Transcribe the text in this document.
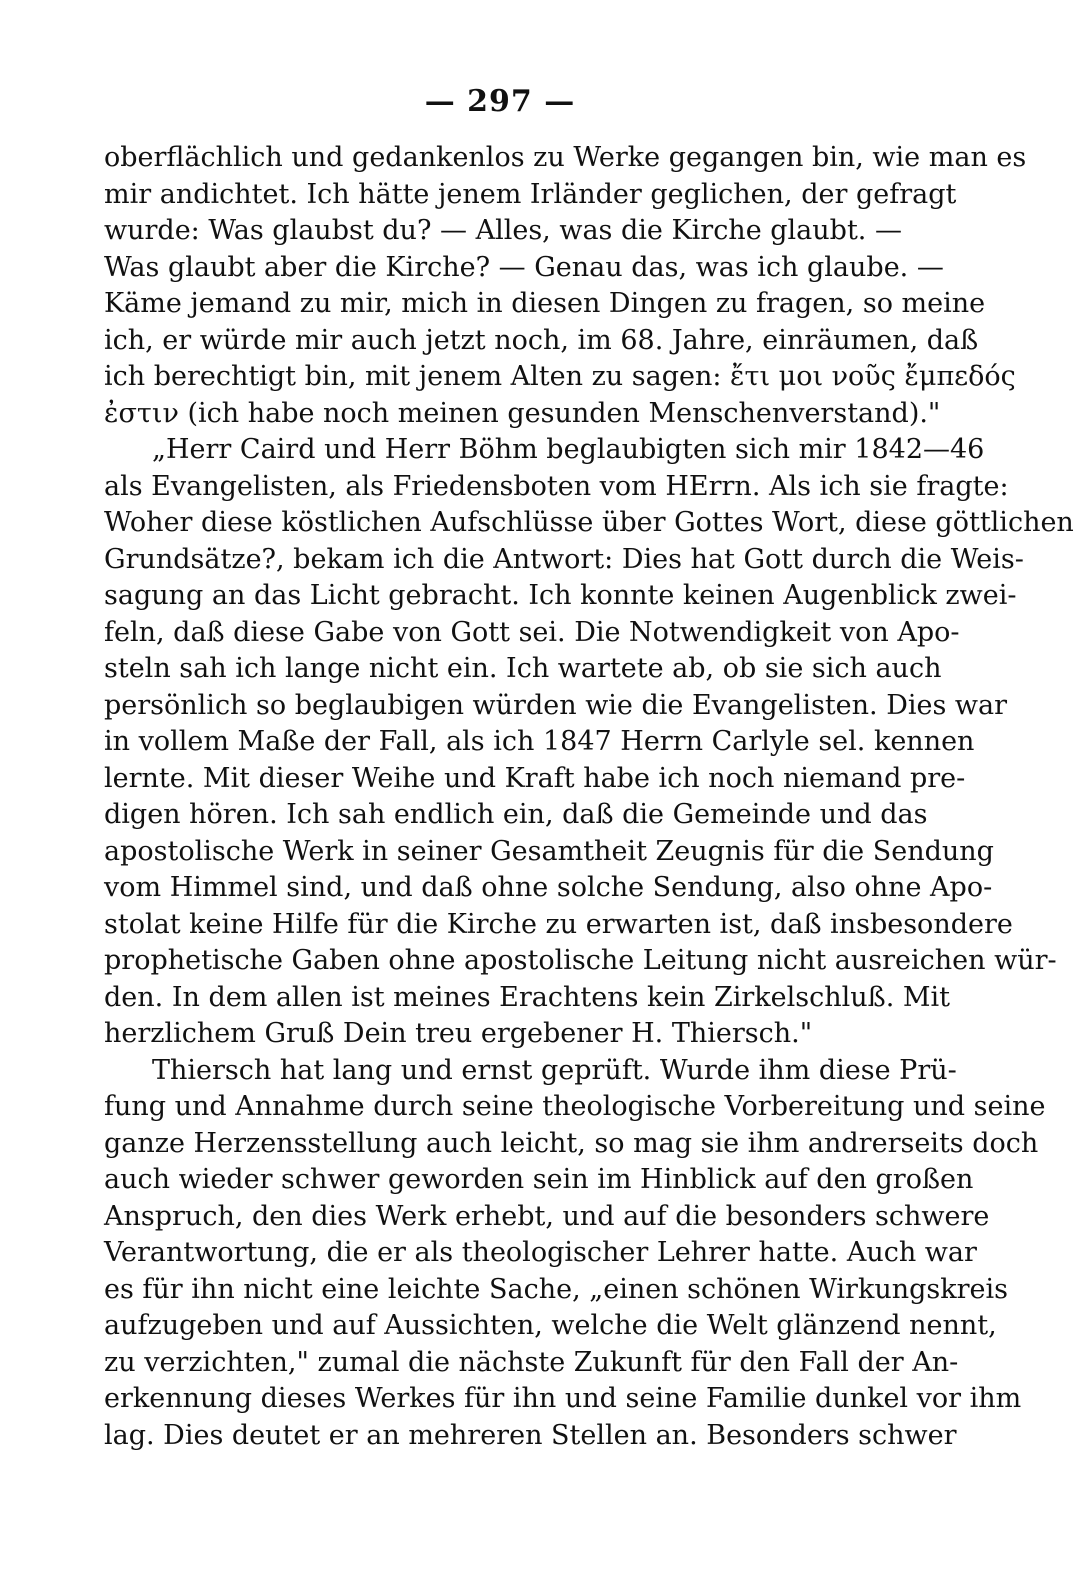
— 297 —
oberflächlich und gedankenlos zu Werke gegangen bin, wie man es
mir andichtet. Ich hätte jenem Irländer geglichen, der gefragt
wurde: Was glaubst du? — Alles, was die Kirche glaubt. —
Was glaubt aber die Kirche? — Genau das, was ich glaube. —
Käme jemand zu mir, mich in diesen Dingen zu fragen, so meine
ich, er würde mir auch jetzt noch, im 68. Jahre, einräumen, daß
ich berechtigt bin, mit jenem Alten zu sagen: ἔτι μοι νοῦς ἔμπεδός
ἐστιν (ich habe noch meinen gesunden Menschenverstand)."
„Herr Caird und Herr Böhm beglaubigten sich mir 1842—46
als Evangelisten, als Friedensboten vom HErrn. Als ich sie fragte:
Woher diese köstlichen Aufschlüsse über Gottes Wort, diese göttlichen
Grundsätze?, bekam ich die Antwort: Dies hat Gott durch die Weis-
sagung an das Licht gebracht. Ich konnte keinen Augenblick zwei-
feln, daß diese Gabe von Gott sei. Die Notwendigkeit von Apo-
steln sah ich lange nicht ein. Ich wartete ab, ob sie sich auch
persönlich so beglaubigen würden wie die Evangelisten. Dies war
in vollem Maße der Fall, als ich 1847 Herrn Carlyle sel. kennen
lernte. Mit dieser Weihe und Kraft habe ich noch niemand pre-
digen hören. Ich sah endlich ein, daß die Gemeinde und das
apostolische Werk in seiner Gesamtheit Zeugnis für die Sendung
vom Himmel sind, und daß ohne solche Sendung, also ohne Apo-
stolat keine Hilfe für die Kirche zu erwarten ist, daß insbesondere
prophetische Gaben ohne apostolische Leitung nicht ausreichen wür-
den. In dem allen ist meines Erachtens kein Zirkelschluß. Mit
herzlichem Gruß Dein treu ergebener H. Thiersch."
Thiersch hat lang und ernst geprüft. Wurde ihm diese Prü-
fung und Annahme durch seine theologische Vorbereitung und seine
ganze Herzensstellung auch leicht, so mag sie ihm andrerseits doch
auch wieder schwer geworden sein im Hinblick auf den großen
Anspruch, den dies Werk erhebt, und auf die besonders schwere
Verantwortung, die er als theologischer Lehrer hatte. Auch war
es für ihn nicht eine leichte Sache, „einen schönen Wirkungskreis
aufzugeben und auf Aussichten, welche die Welt glänzend nennt,
zu verzichten," zumal die nächste Zukunft für den Fall der An-
erkennung dieses Werkes für ihn und seine Familie dunkel vor ihm
lag. Dies deutet er an mehreren Stellen an. Besonders schwer
